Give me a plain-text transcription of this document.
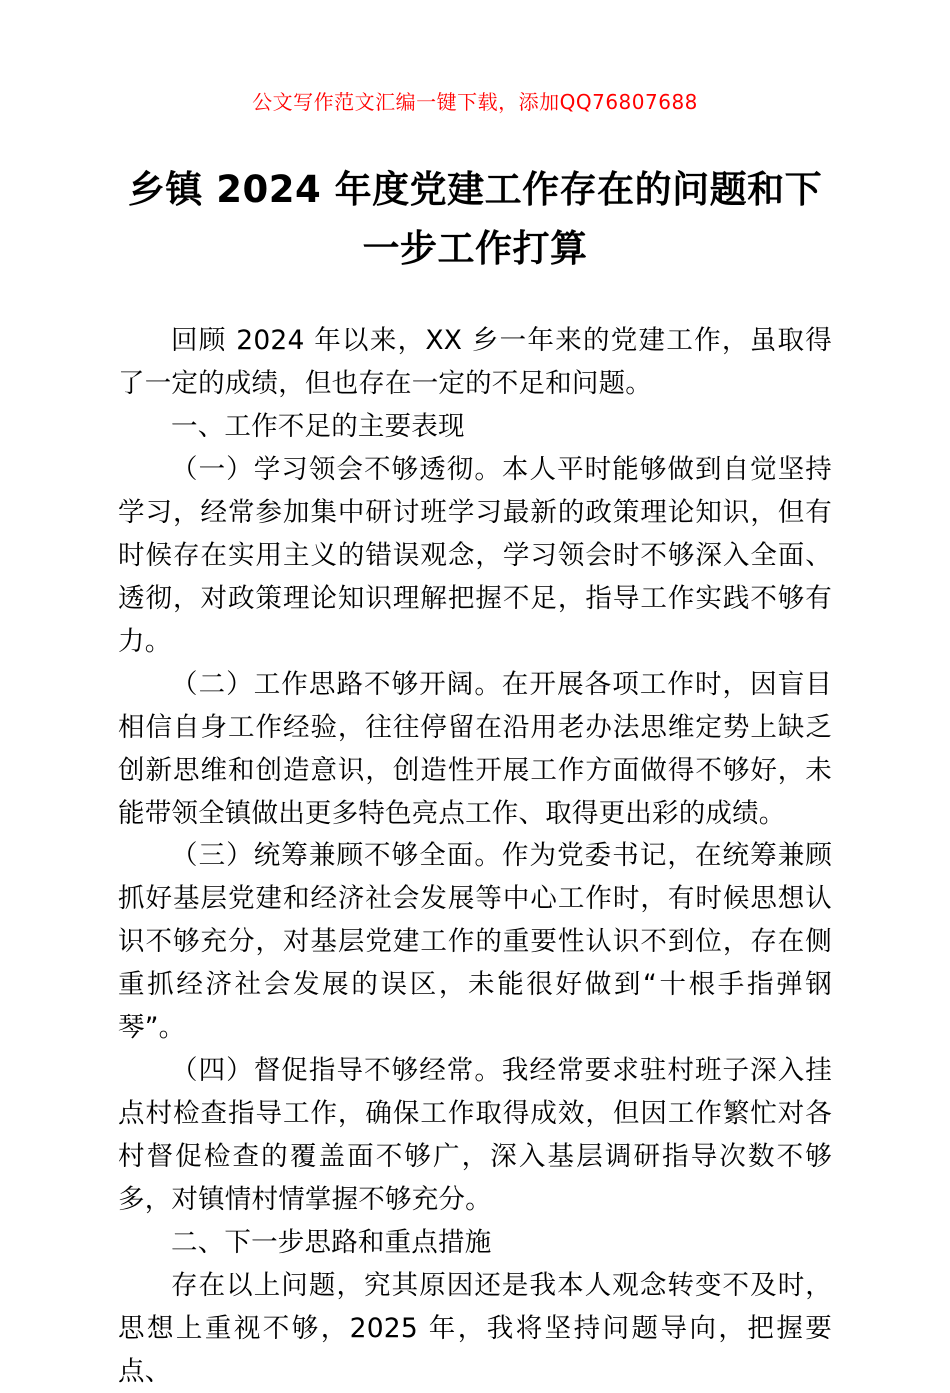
公文写作范文汇编一键下载，添加QQ76807688
乡镇 2024 年度党建工作存在的问题和下一步工作打算

回顾 2024 年以来，XX 乡一年来的党建工作，虽取得了一定的成绩，但也存在一定的不足和问题。

一、工作不足的主要表现

（一）学习领会不够透彻。本人平时能够做到自觉坚持学习，经常参加集中研讨班学习最新的政策理论知识，但有时候存在实用主义的错误观念，学习领会时不够深入全面、透彻，对政策理论知识理解把握不足，指导工作实践不够有力。

（二）工作思路不够开阔。在开展各项工作时，因盲目相信自身工作经验，往往停留在沿用老办法思维定势上缺乏创新思维和创造意识，创造性开展工作方面做得不够好，未能带领全镇做出更多特色亮点工作、取得更出彩的成绩。

（三）统筹兼顾不够全面。作为党委书记，在统筹兼顾抓好基层党建和经济社会发展等中心工作时，有时候思想认识不够充分，对基层党建工作的重要性认识不到位，存在侧重抓经济社会发展的误区，未能很好做到“十根手指弹钢琴”。

（四）督促指导不够经常。我经常要求驻村班子深入挂点村检查指导工作，确保工作取得成效，但因工作繁忙对各村督促检查的覆盖面不够广，深入基层调研指导次数不够多，对镇情村情掌握不够充分。

二、下一步思路和重点措施

存在以上问题，究其原因还是我本人观念转变不及时，思想上重视不够，2025 年，我将坚持问题导向，把握要点、
